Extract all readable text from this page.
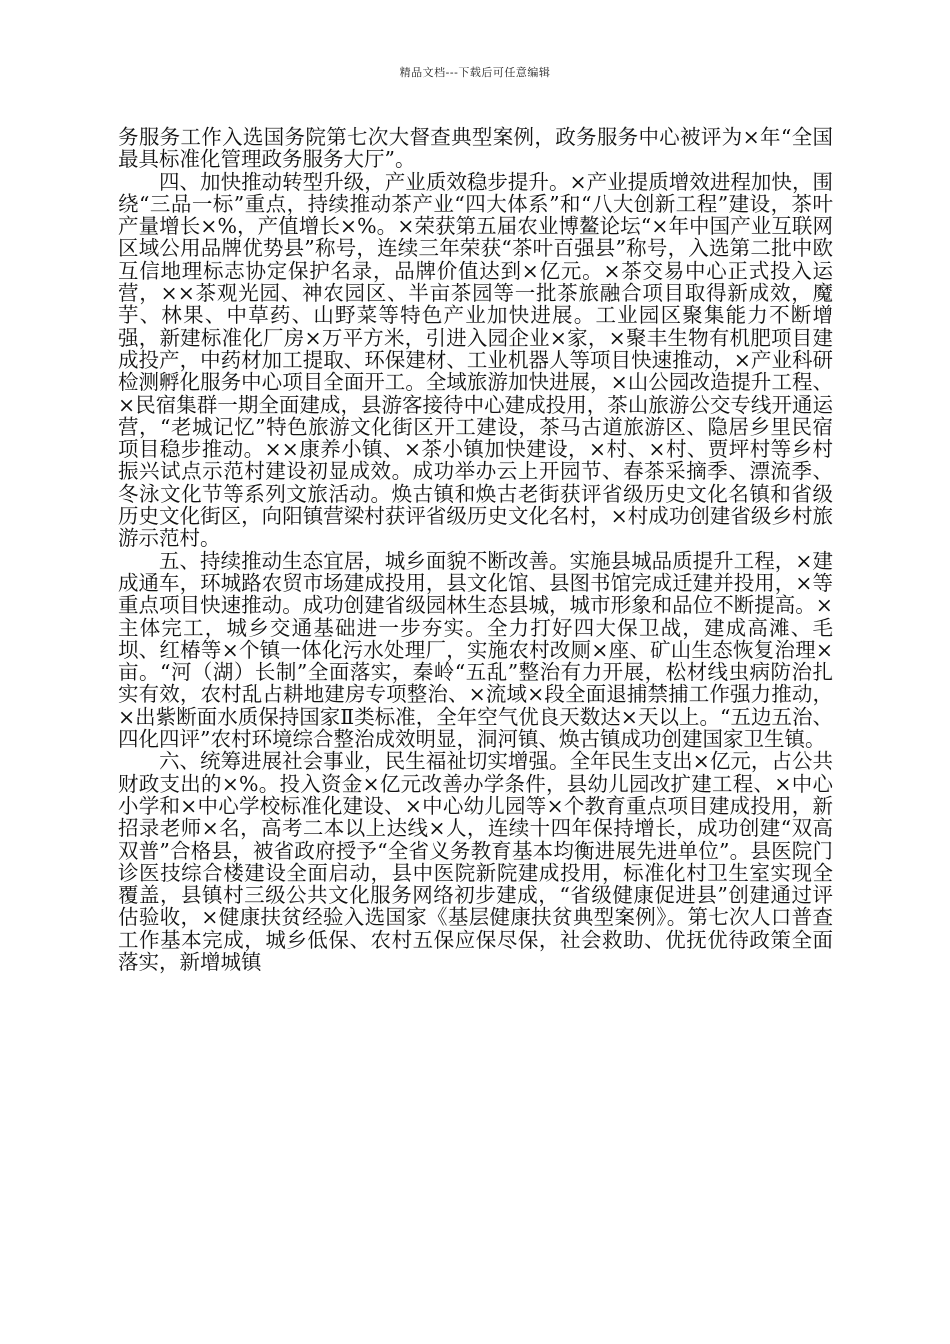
精品文档---下载后可任意编辑

务服务工作入选国务院第七次大督查典型案例，政务服务中心被评为×年“全国最具标准化管理政务服务大厅”。

四、加快推动转型升级，产业质效稳步提升。×产业提质增效进程加快，围绕“三品一标”重点，持续推动茶产业“四大体系”和“八大创新工程”建设，茶叶产量增长×%，产值增长×%。×荣获第五届农业博鳌论坛“×年中国产业互联网区域公用品牌优势县”称号，连续三年荣获“茶叶百强县”称号，入选第二批中欧互信地理标志协定保护名录，品牌价值达到×亿元。×茶交易中心正式投入运营，××茶观光园、神农园区、半亩茶园等一批茶旅融合项目取得新成效，魔芋、林果、中草药、山野菜等特色产业加快进展。工业园区聚集能力不断增强，新建标准化厂房×万平方米，引进入园企业×家，×聚丰生物有机肥项目建成投产，中药材加工提取、环保建材、工业机器人等项目快速推动，×产业科研检测孵化服务中心项目全面开工。全域旅游加快进展，×山公园改造提升工程、×民宿集群一期全面建成，县游客接待中心建成投用，茶山旅游公交专线开通运营，“老城记忆”特色旅游文化街区开工建设，茶马古道旅游区、隐居乡里民宿项目稳步推动。××康养小镇、×茶小镇加快建设，×村、×村、贾坪村等乡村振兴试点示范村建设初显成效。成功举办云上开园节、春茶采摘季、漂流季、冬泳文化节等系列文旅活动。焕古镇和焕古老街获评省级历史文化名镇和省级历史文化街区，向阳镇营梁村获评省级历史文化名村，×村成功创建省级乡村旅游示范村。

五、持续推动生态宜居，城乡面貌不断改善。实施县城品质提升工程，×建成通车，环城路农贸市场建成投用，县文化馆、县图书馆完成迁建并投用，×等重点项目快速推动。成功创建省级园林生态县城，城市形象和品位不断提高。×主体完工，城乡交通基础进一步夯实。全力打好四大保卫战，建成高滩、毛坝、红椿等×个镇一体化污水处理厂，实施农村改厕×座、矿山生态恢复治理×亩。“河（湖）长制”全面落实，秦岭“五乱”整治有力开展，松材线虫病防治扎实有效，农村乱占耕地建房专项整治、×流域×段全面退捕禁捕工作强力推动，×出紫断面水质保持国家Ⅱ类标准，全年空气优良天数达×天以上。“五边五治、四化四评”农村环境综合整治成效明显，洞河镇、焕古镇成功创建国家卫生镇。

六、统筹进展社会事业，民生福祉切实增强。全年民生支出×亿元，占公共财政支出的×%。投入资金×亿元改善办学条件，县幼儿园改扩建工程、×中心小学和×中心学校标准化建设、×中心幼儿园等×个教育重点项目建成投用，新招录老师×名，高考二本以上达线×人，连续十四年保持增长，成功创建“双高双普”合格县，被省政府授予“全省义务教育基本均衡进展先进单位”。县医院门诊医技综合楼建设全面启动，县中医院新院建成投用，标准化村卫生室实现全覆盖，县镇村三级公共文化服务网络初步建成，“省级健康促进县”创建通过评估验收，×健康扶贫经验入选国家《基层健康扶贫典型案例》。第七次人口普查工作基本完成，城乡低保、农村五保应保尽保，社会救助、优抚优待政策全面落实，新增城镇
